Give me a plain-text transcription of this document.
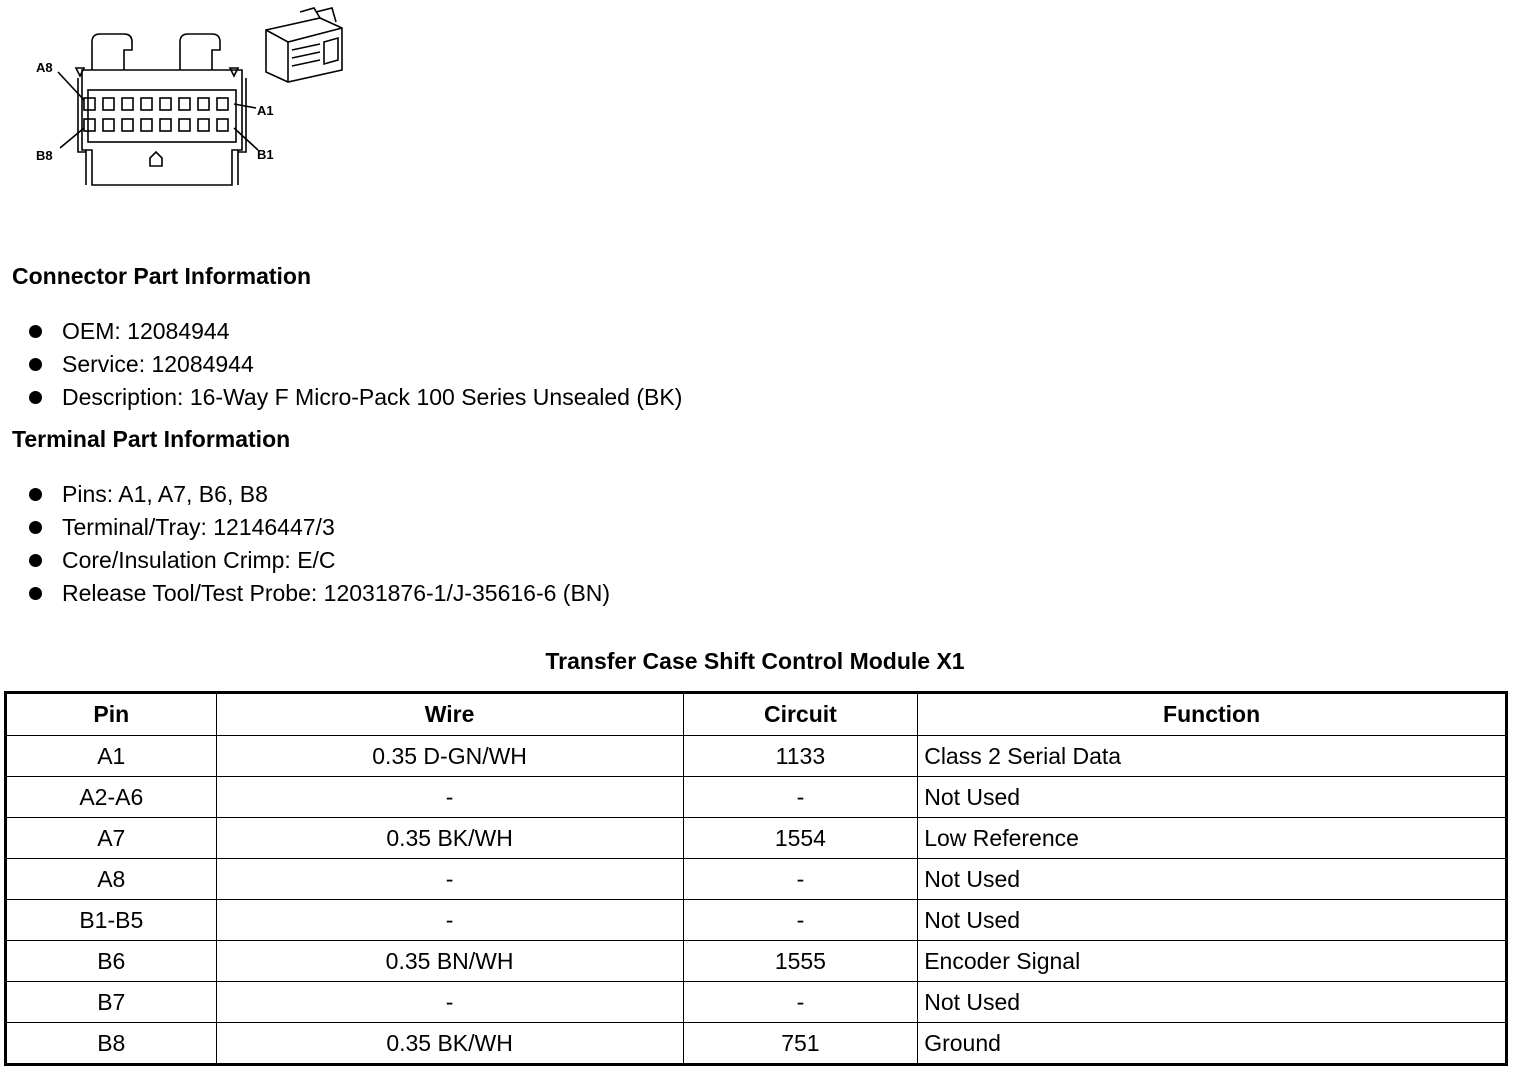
A8
A1
B8	B1
Connector Part Information
OEM: 12084944
Service: 12084944
Description: 16-Way F Micro-Pack 100 Series Unsealed (BK)
Terminal Part Information
Pins: A1, A7, B6, B8
Terminal/Tray: 12146447/3
Core/Insulation Crimp: E/C
Release Tool/Test Probe: 12031876-1/J-35616-6 (BN)
Transfer Case Shift Control Module X1
Pin	Wire	Circuit	Function
A1	0.35 D-GN/WH	1133	Class 2 Serial Data
A2-A6	-	-	Not Used
A7	0.35 BK/WH	1554	Low Reference
A8	-	-	Not Used
B1-B5	-	-	Not Used
B6	0.35 BN/WH	1555	Encoder Signal
B7	-	-	Not Used
B8	0.35 BK/WH	751	Ground
